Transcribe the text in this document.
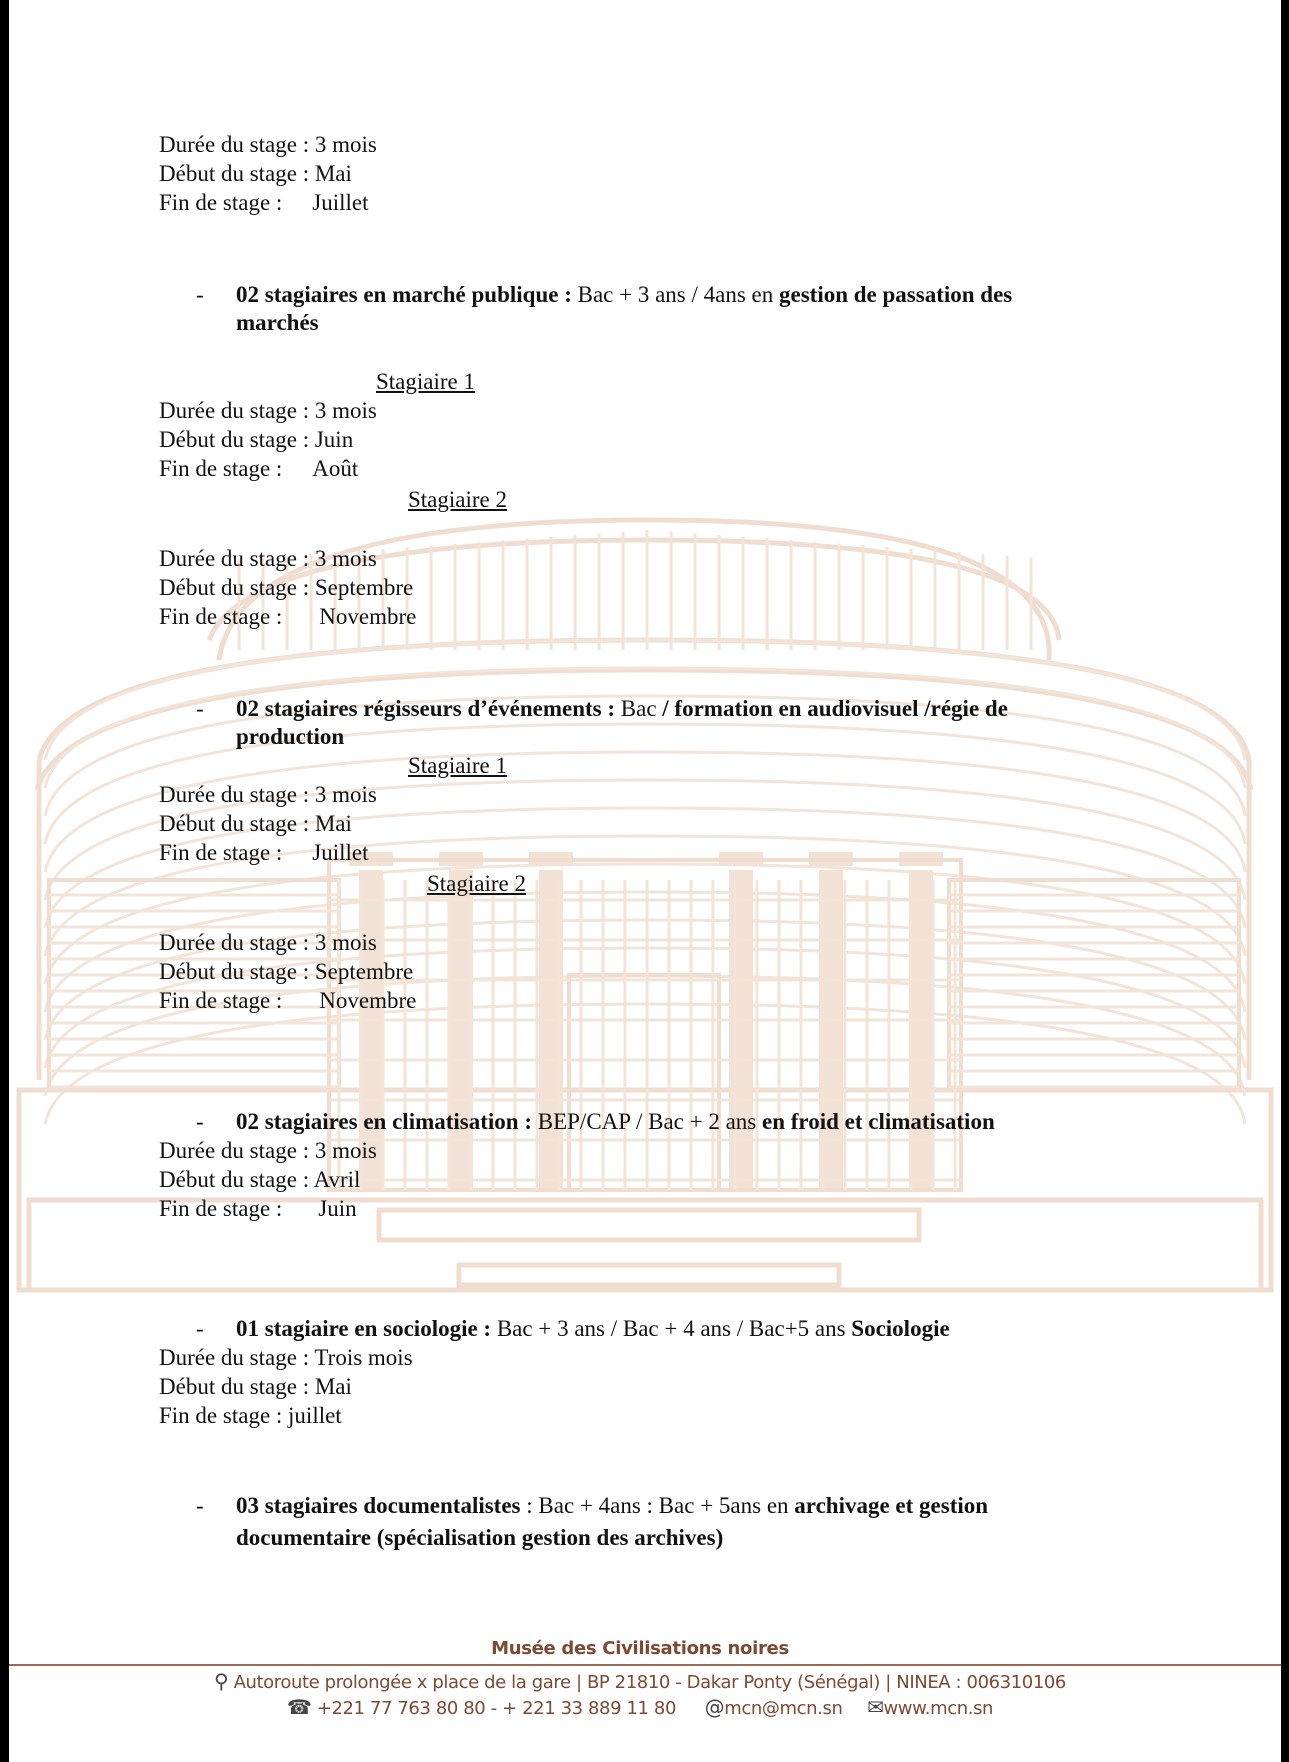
Durée du stage : 3 mois

Début du stage : Mai

Fin de stage : Juillet

- 02 stagiaires en marché publique : Bac + 3 ans / 4ans en gestion de passation des

marchés

Stagiaire 1

Durée du stage : 3 mois

Début du stage : Juin

Fin de stage : Août

Stagiaire 2

Durée du stage : 3 mois

Début du stage : Septembre

Fin de stage : Novembre

- 02 stagiaires régisseurs d’événements : Bac / formation en audiovisuel /régie de

production

Stagiaire 1

Durée du stage : 3 mois

Début du stage : Mai

Fin de stage : Juillet

Stagiaire 2

Durée du stage : 3 mois

Début du stage : Septembre

Fin de stage : Novembre

- 02 stagiaires en climatisation : BEP/CAP / Bac + 2 ans en froid et climatisation

Durée du stage : 3 mois

Début du stage : Avril

Fin de stage : Juin

- 01 stagiaire en sociologie : Bac + 3 ans / Bac + 4 ans / Bac+5 ans Sociologie

Durée du stage : Trois mois

Début du stage : Mai

Fin de stage : juillet

- 03 stagiaires documentalistes : Bac + 4ans : Bac + 5ans en archivage et gestion

documentaire (spécialisation gestion des archives)

Musée des Civilisations noires
⚲ Autoroute prolongée x place de la gare | BP 21810 - Dakar Ponty (Sénégal) | NINEA : 006310106
☎ +221 77 763 80 80 - + 221 33 889 11 80 @mcn@mcn.sn ✉www.mcn.sn
